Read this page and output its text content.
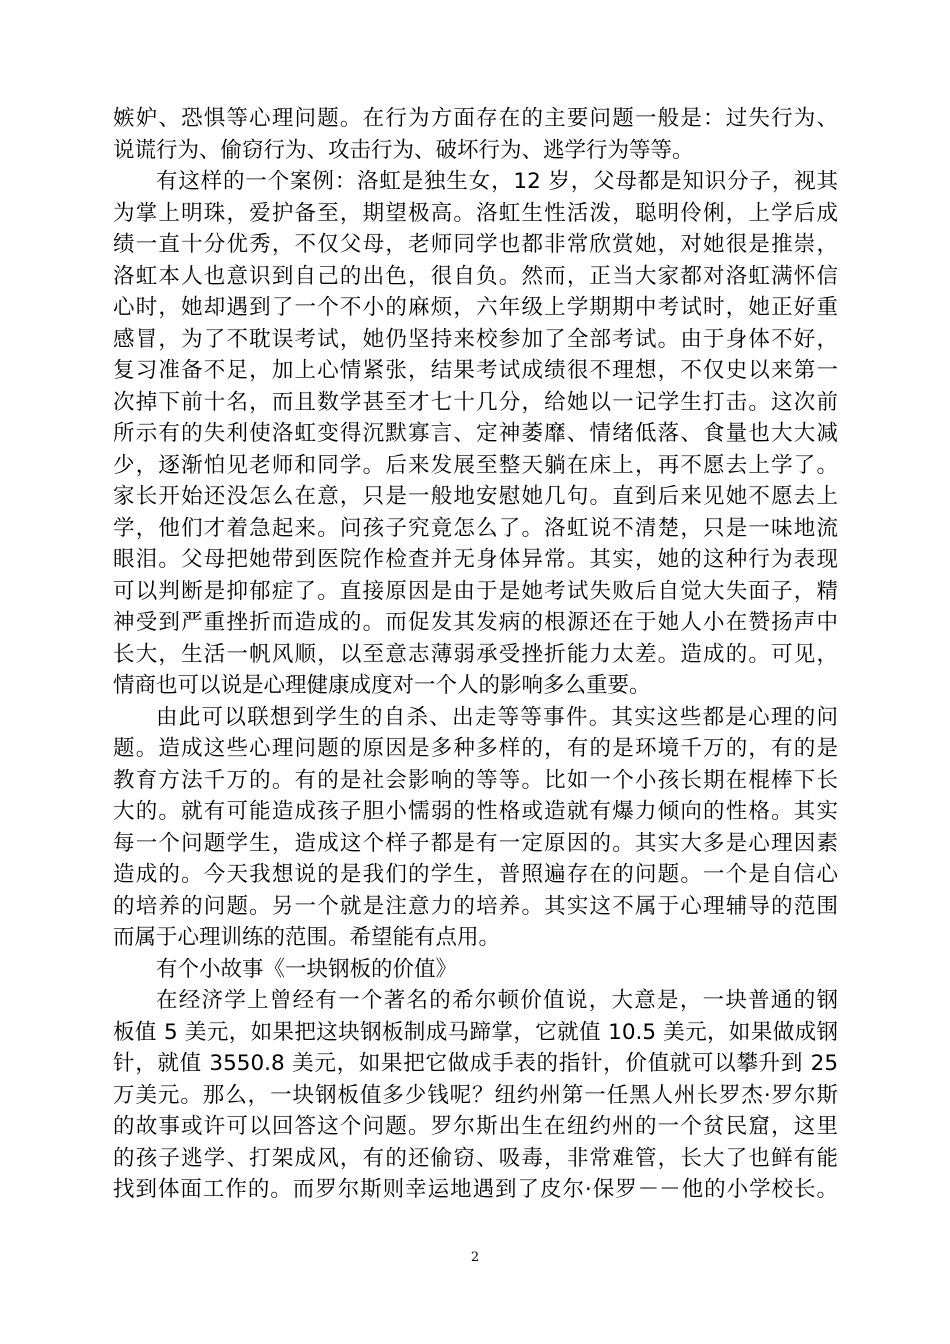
嫉妒、恐惧等心理问题。在行为方面存在的主要问题一般是：过失行为、
说谎行为、偷窃行为、攻击行为、破坏行为、逃学行为等等。
有这样的一个案例：洛虹是独生女，12 岁，父母都是知识分子，视其
为掌上明珠，爱护备至，期望极高。洛虹生性活泼，聪明伶俐，上学后成
绩一直十分优秀，不仅父母，老师同学也都非常欣赏她，对她很是推崇，
洛虹本人也意识到自己的出色，很自负。然而，正当大家都对洛虹满怀信
心时，她却遇到了一个不小的麻烦，六年级上学期期中考试时，她正好重
感冒，为了不耽误考试，她仍坚持来校参加了全部考试。由于身体不好，
复习准备不足，加上心情紧张，结果考试成绩很不理想，不仅史以来第一
次掉下前十名，而且数学甚至才七十几分，给她以一记学生打击。这次前
所示有的失利使洛虹变得沉默寡言、定神萎靡、情绪低落、食量也大大减
少，逐渐怕见老师和同学。后来发展至整天躺在床上，再不愿去上学了。
家长开始还没怎么在意，只是一般地安慰她几句。直到后来见她不愿去上
学，他们才着急起来。问孩子究竟怎么了。洛虹说不清楚，只是一味地流
眼泪。父母把她带到医院作检查并无身体异常。其实，她的这种行为表现
可以判断是抑郁症了。直接原因是由于是她考试失败后自觉大失面子，精
神受到严重挫折而造成的。而促发其发病的根源还在于她人小在赞扬声中
长大，生活一帆风顺，以至意志薄弱承受挫折能力太差。造成的。可见，
情商也可以说是心理健康成度对一个人的影响多么重要。
由此可以联想到学生的自杀、出走等等事件。其实这些都是心理的问
题。造成这些心理问题的原因是多种多样的，有的是环境千万的，有的是
教育方法千万的。有的是社会影响的等等。比如一个小孩长期在棍棒下长
大的。就有可能造成孩子胆小懦弱的性格或造就有爆力倾向的性格。其实
每一个问题学生，造成这个样子都是有一定原因的。其实大多是心理因素
造成的。今天我想说的是我们的学生，普照遍存在的问题。一个是自信心
的培养的问题。另一个就是注意力的培养。其实这不属于心理辅导的范围
而属于心理训练的范围。希望能有点用。
有个小故事《一块钢板的价值》
在经济学上曾经有一个著名的希尔顿价值说，大意是，一块普通的钢
板值 5 美元，如果把这块钢板制成马蹄掌，它就值 10.5 美元，如果做成钢
针，就值 3550.8 美元，如果把它做成手表的指针，价值就可以攀升到 25
万美元。那么，一块钢板值多少钱呢？纽约州第一任黑人州长罗杰·罗尔斯
的故事或许可以回答这个问题。罗尔斯出生在纽约州的一个贫民窟，这里
的孩子逃学、打架成风，有的还偷窃、吸毒，非常难管，长大了也鲜有能
找到体面工作的。而罗尔斯则幸运地遇到了皮尔·保罗－－他的小学校长。
2
